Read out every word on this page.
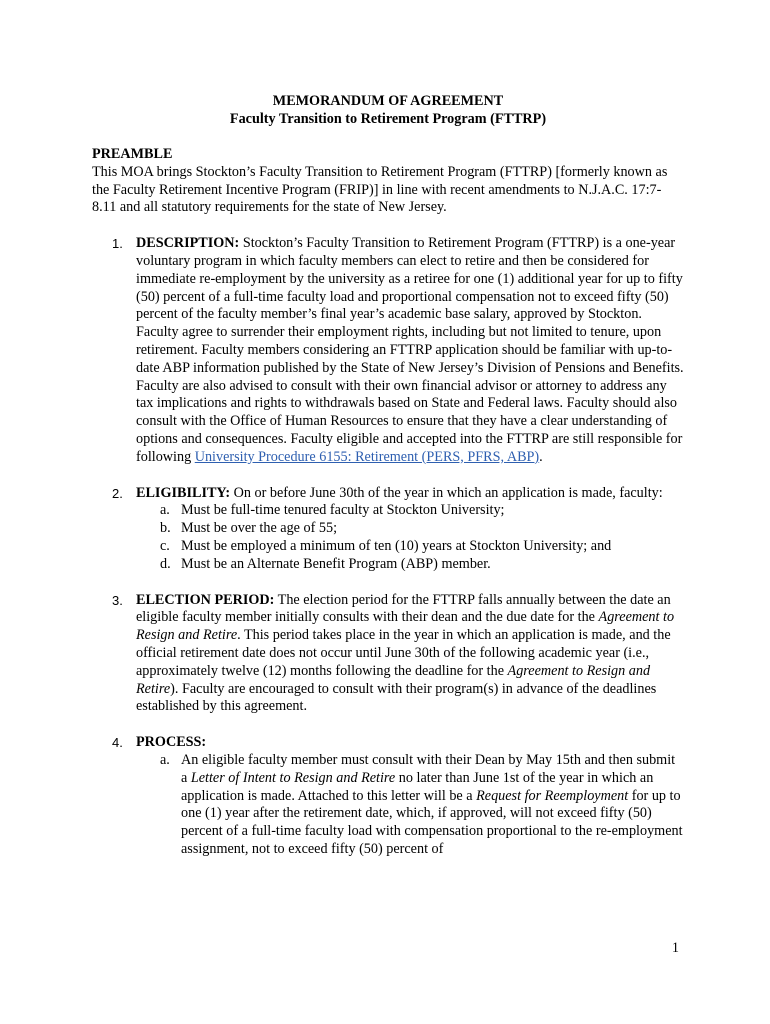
MEMORANDUM OF AGREEMENT
Faculty Transition to Retirement Program (FTTRP)
PREAMBLE

This MOA brings Stockton’s Faculty Transition to Retirement Program (FTTRP) [formerly known as the Faculty Retirement Incentive Program (FRIP)] in line with recent amendments to N.J.A.C. 17:7-8.11 and all statutory requirements for the state of New Jersey.

1. DESCRIPTION: Stockton’s Faculty Transition to Retirement Program (FTTRP) is a one-year voluntary program in which faculty members can elect to retire and then be considered for immediate re-employment by the university as a retiree for one (1) additional year for up to fifty (50) percent of a full-time faculty load and proportional compensation not to exceed fifty (50) percent of the faculty member’s final year’s academic base salary, approved by Stockton. Faculty agree to surrender their employment rights, including but not limited to tenure, upon retirement. Faculty members considering an FTTRP application should be familiar with up-to-date ABP information published by the State of New Jersey’s Division of Pensions and Benefits. Faculty are also advised to consult with their own financial advisor or attorney to address any tax implications and rights to withdrawals based on State and Federal laws. Faculty should also consult with the Office of Human Resources to ensure that they have a clear understanding of options and consequences. Faculty eligible and accepted into the FTTRP are still responsible for following University Procedure 6155: Retirement (PERS, PFRS, ABP).
2. ELIGIBILITY: On or before June 30th of the year in which an application is made, faculty:
a. Must be full-time tenured faculty at Stockton University;
b. Must be over the age of 55;
c. Must be employed a minimum of ten (10) years at Stockton University; and
d. Must be an Alternate Benefit Program (ABP) member.
3. ELECTION PERIOD: The election period for the FTTRP falls annually between the date an eligible faculty member initially consults with their dean and the due date for the Agreement to Resign and Retire. This period takes place in the year in which an application is made, and the official retirement date does not occur until June 30th of the following academic year (i.e., approximately twelve (12) months following the deadline for the Agreement to Resign and Retire). Faculty are encouraged to consult with their program(s) in advance of the deadlines established by this agreement.
4. PROCESS:
a. An eligible faculty member must consult with their Dean by May 15th and then submit a Letter of Intent to Resign and Retire no later than June 1st of the year in which an application is made. Attached to this letter will be a Request for Reemployment for up to one (1) year after the retirement date, which, if approved, will not exceed fifty (50) percent of a full-time faculty load with compensation proportional to the re-employment assignment, not to exceed fifty (50) percent of
1
